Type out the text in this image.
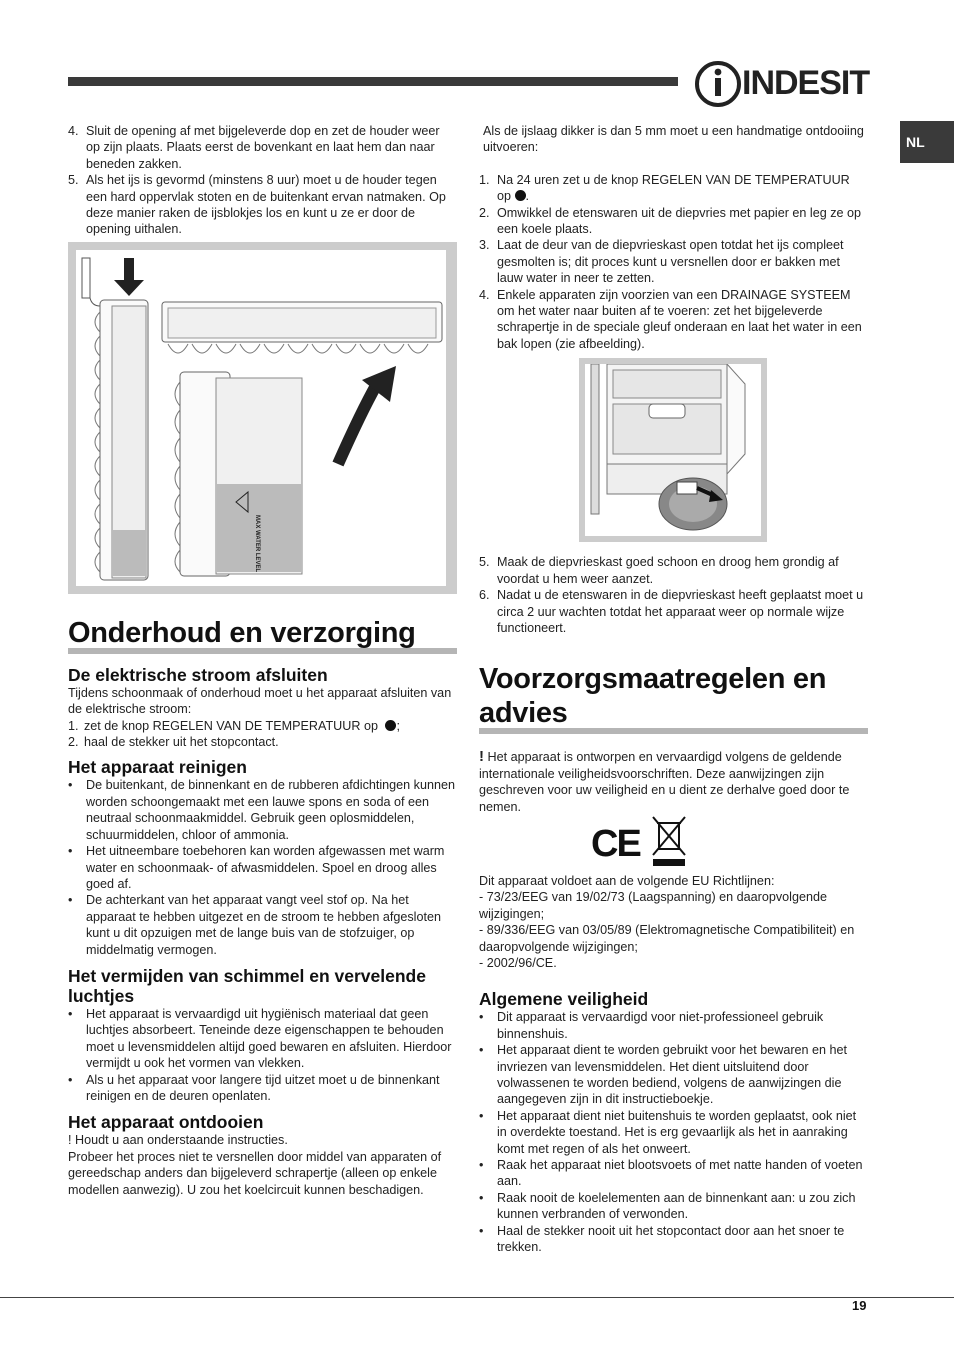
INDESIT
NL
4. Sluit de opening af met bijgeleverde dop en zet de houder weer op zijn plaats. Plaats eerst de bovenkant en laat hem dan naar beneden zakken.
5. Als het ijs is gevormd (minstens 8 uur) moet u de houder tegen een hard oppervlak stoten en de buitenkant ervan natmaken. Op deze manier raken de ijsblokjes los en kunt u ze er door de opening uithalen.
MAX WATER LEVEL
Onderhoud en verzorging
De elektrische stroom afsluiten

Tijdens schoonmaak of onderhoud moet u het apparaat afsluiten van de elektrische stroom:

1. zet de knop REGELEN VAN DE TEMPERATUUR op ;
2. haal de stekker uit het stopcontact.
Het apparaat reinigen
• De buitenkant, de binnenkant en de rubberen afdichtingen kunnen worden schoongemaakt met een lauwe spons en soda of een neutraal schoonmaakmiddel. Gebruik geen oplosmiddelen, schuurmiddelen, chloor of ammonia.
• Het uitneembare toebehoren kan worden afgewassen met warm water en schoonmaak- of afwasmiddelen. Spoel en droog alles goed af.
• De achterkant van het apparaat vangt veel stof op. Na het apparaat te hebben uitgezet en de stroom te hebben afgesloten kunt u dit opzuigen met de lange buis van de stofzuiger, op middelmatig vermogen.
Het vermijden van schimmel en vervelende luchtjes
• Het apparaat is vervaardigd uit hygiënisch materiaal dat geen luchtjes absorbeert. Teneinde deze eigenschappen te behouden moet u levensmiddelen altijd goed bewaren en afsluiten. Hierdoor vermijdt u ook het vormen van vlekken.
• Als u het apparaat voor langere tijd uitzet moet u de binnenkant reinigen en de deuren openlaten.
Het apparaat ontdooien

! Houdt u aan onderstaande instructies.

Probeer het proces niet te versnellen door middel van apparaten of gereedschap anders dan bijgeleverd schrapertje (alleen op enkele modellen aanwezig). U zou het koelcircuit kunnen beschadigen.

Als de ijslaag dikker is dan 5 mm moet u een handmatige ontdooiing uitvoeren:

1. Na 24 uren zet u de knop REGELEN VAN DE TEMPERATUUR op .
2. Omwikkel de etenswaren uit de diepvries met papier en leg ze op een koele plaats.
3. Laat de deur van de diepvrieskast open totdat het ijs compleet gesmolten is; dit proces kunt u versnellen door er bakken met lauw water in neer te zetten.
4. Enkele apparaten zijn voorzien van een DRAINAGE SYSTEEM om het water naar buiten af te voeren: zet het bijgeleverde schrapertje in de speciale gleuf onderaan en laat het water in een bak lopen (zie afbeelding).
5. Maak de diepvrieskast goed schoon en droog hem grondig af voordat u hem weer aanzet.
6. Nadat u de etenswaren in de diepvrieskast heeft geplaatst moet u circa 2 uur wachten totdat het apparaat weer op normale wijze functioneert.
Voorzorgsmaatregelen en advies

! Het apparaat is ontworpen en vervaardigd volgens de geldende internationale veiligheidsvoorschriften. Deze aanwijzingen zijn geschreven voor uw veiligheid en u dient ze derhalve goed door te nemen.

CE

Dit apparaat voldoet aan de volgende EU Richtlijnen:

- 73/23/EEG van 19/02/73 (Laagspanning) en daaropvolgende wijzigingen;

- 89/336/EEG van 03/05/89 (Elektromagnetische Compatibiliteit) en daaropvolgende wijzigingen;

- 2002/96/CE.

Algemene veiligheid
• Dit apparaat is vervaardigd voor niet-professioneel gebruik binnenshuis.
• Het apparaat dient te worden gebruikt voor het bewaren en het invriezen van levensmiddelen. Het dient uitsluitend door volwassenen te worden bediend, volgens de aanwijzingen die aangegeven zijn in dit instructieboekje.
• Het apparaat dient niet buitenshuis te worden geplaatst, ook niet in overdekte toestand. Het is erg gevaarlijk als het in aanraking komt met regen of als het onweert.
• Raak het apparaat niet blootsvoets of met natte handen of voeten aan.
• Raak nooit de koelelementen aan de binnenkant aan: u zou zich kunnen verbranden of verwonden.
• Haal de stekker nooit uit het stopcontact door aan het snoer te trekken.
19
